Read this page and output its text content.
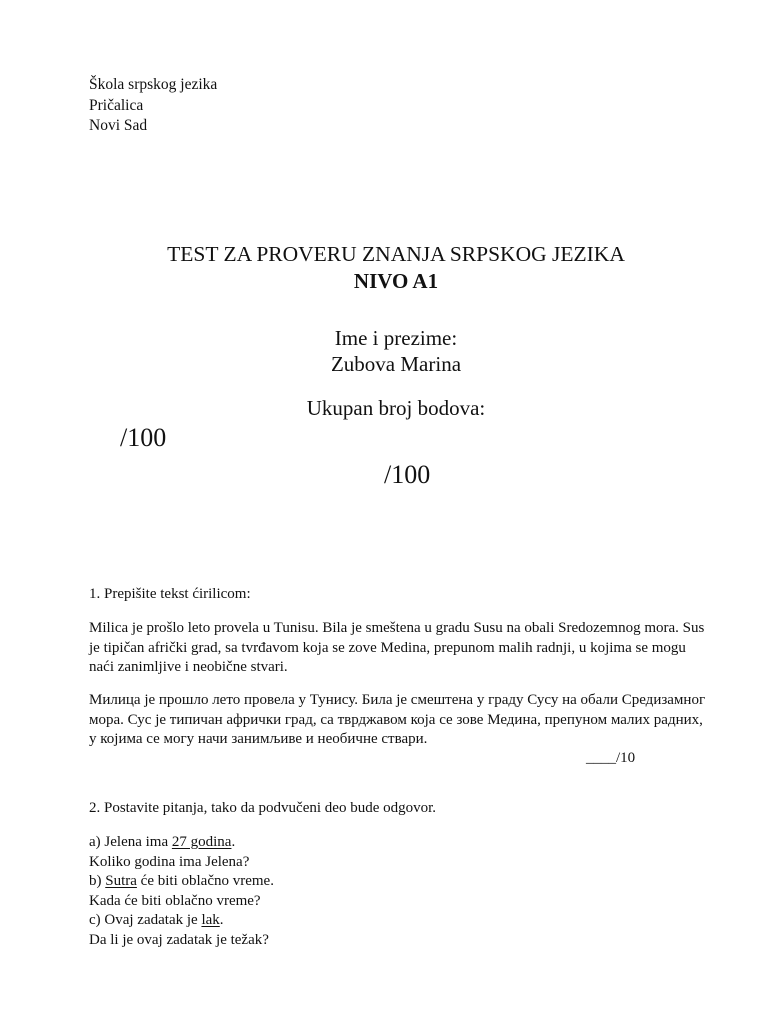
Škola srpskog jezika
Pričalica
Novi Sad
TEST ZA PROVERU ZNANJA SRPSKOG JEZIKA
NIVO A1
Ime i prezime:
Zubova Marina
Ukupan broj bodova:
/100
/100
1. Prepišite tekst ćirilicom:
Milica je prošlo leto provela u Tunisu. Bila je smeštena u gradu Susu na obali Sredozemnog mora. Sus je tipičan afrički grad, sa tvrđavom koja se zove Medina, prepunom malih radnji, u kojima se mogu naći zanimljive i neobične stvari.
Милица је прошло лето провела у Тунису. Била је смештена у граду Сусу на обали Средизамног мора. Сус је типичан афрички град, са тврджавом која се зове Медина, препуном малих радних, у којима се могу начи занимљиве и необичне ствари.
____/10
2. Postavite pitanja, tako da podvučeni deo bude odgovor.
a) Jelena ima 27 godina.
Koliko godina ima Jelena?
b) Sutra će biti oblačno vreme.
Kada će biti oblačno vreme?
c) Ovaj zadatak je lak.
Da li je ovaj zadatak je težak?
